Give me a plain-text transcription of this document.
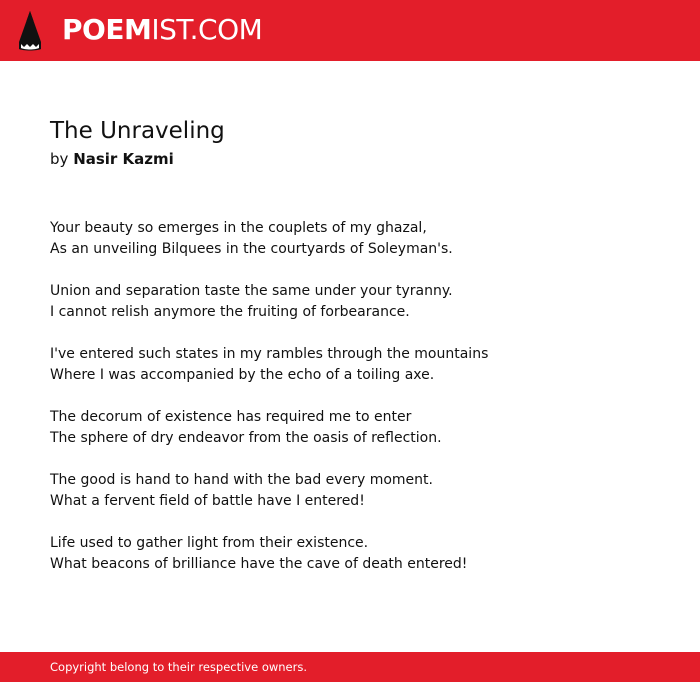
POEMIST.COM
The Unraveling
by Nasir Kazmi
Your beauty so emerges in the couplets of my ghazal,
As an unveiling Bilquees in the courtyards of Soleyman's.
Union and separation taste the same under your tyranny.
I cannot relish anymore the fruiting of forbearance.
I've entered such states in my rambles through the mountains
Where I was accompanied by the echo of a toiling axe.
The decorum of existence has required me to enter
The sphere of dry endeavor from the oasis of reflection.
The good is hand to hand with the bad every moment.
What a fervent field of battle have I entered!
Life used to gather light from their existence.
What beacons of brilliance have the cave of death entered!
Copyright belong to their respective owners.
